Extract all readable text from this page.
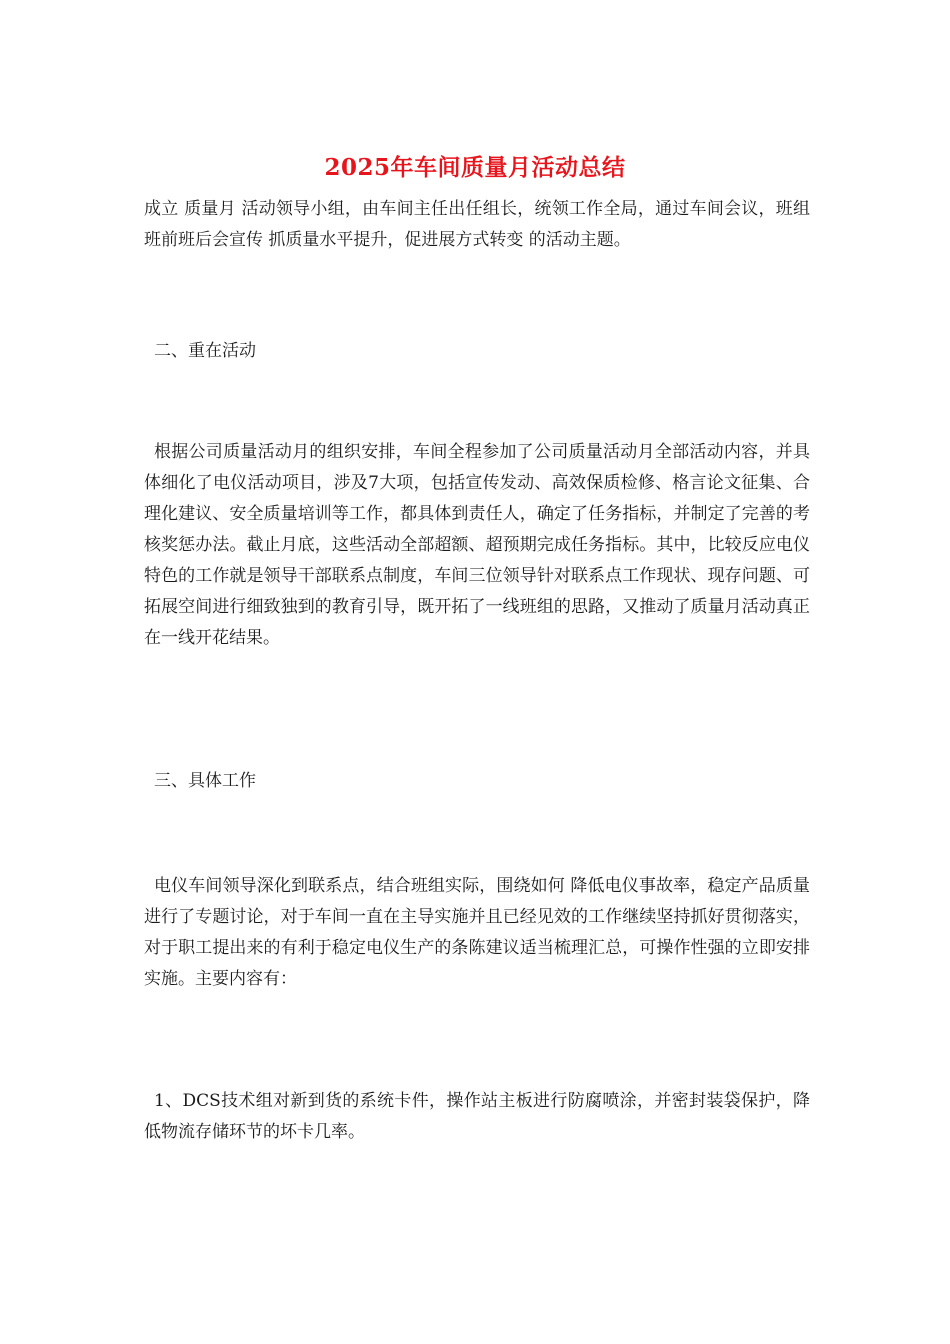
2025年车间质量月活动总结

成立 质量月 活动领导小组，由车间主任出任组长，统领工作全局，通过车间会议，班组班前班后会宣传 抓质量水平提升，促进展方式转变 的活动主题。

二、重在活动

根据公司质量活动月的组织安排，车间全程参加了公司质量活动月全部活动内容，并具体细化了电仪活动项目，涉及7大项，包括宣传发动、高效保质检修、格言论文征集、合理化建议、安全质量培训等工作，都具体到责任人，确定了任务指标，并制定了完善的考核奖惩办法。截止月底，这些活动全部超额、超预期完成任务指标。其中，比较反应电仪特色的工作就是领导干部联系点制度，车间三位领导针对联系点工作现状、现存问题、可拓展空间进行细致独到的教育引导，既开拓了一线班组的思路，又推动了质量月活动真正在一线开花结果。

三、具体工作

电仪车间领导深化到联系点，结合班组实际，围绕如何 降低电仪事故率，稳定产品质量 进行了专题讨论，对于车间一直在主导实施并且已经见效的工作继续坚持抓好贯彻落实，对于职工提出来的有利于稳定电仪生产的条陈建议适当梳理汇总，可操作性强的立即安排实施。主要内容有：

1、DCS技术组对新到货的系统卡件，操作站主板进行防腐喷涂，并密封装袋保护，降低物流存储环节的坏卡几率。
